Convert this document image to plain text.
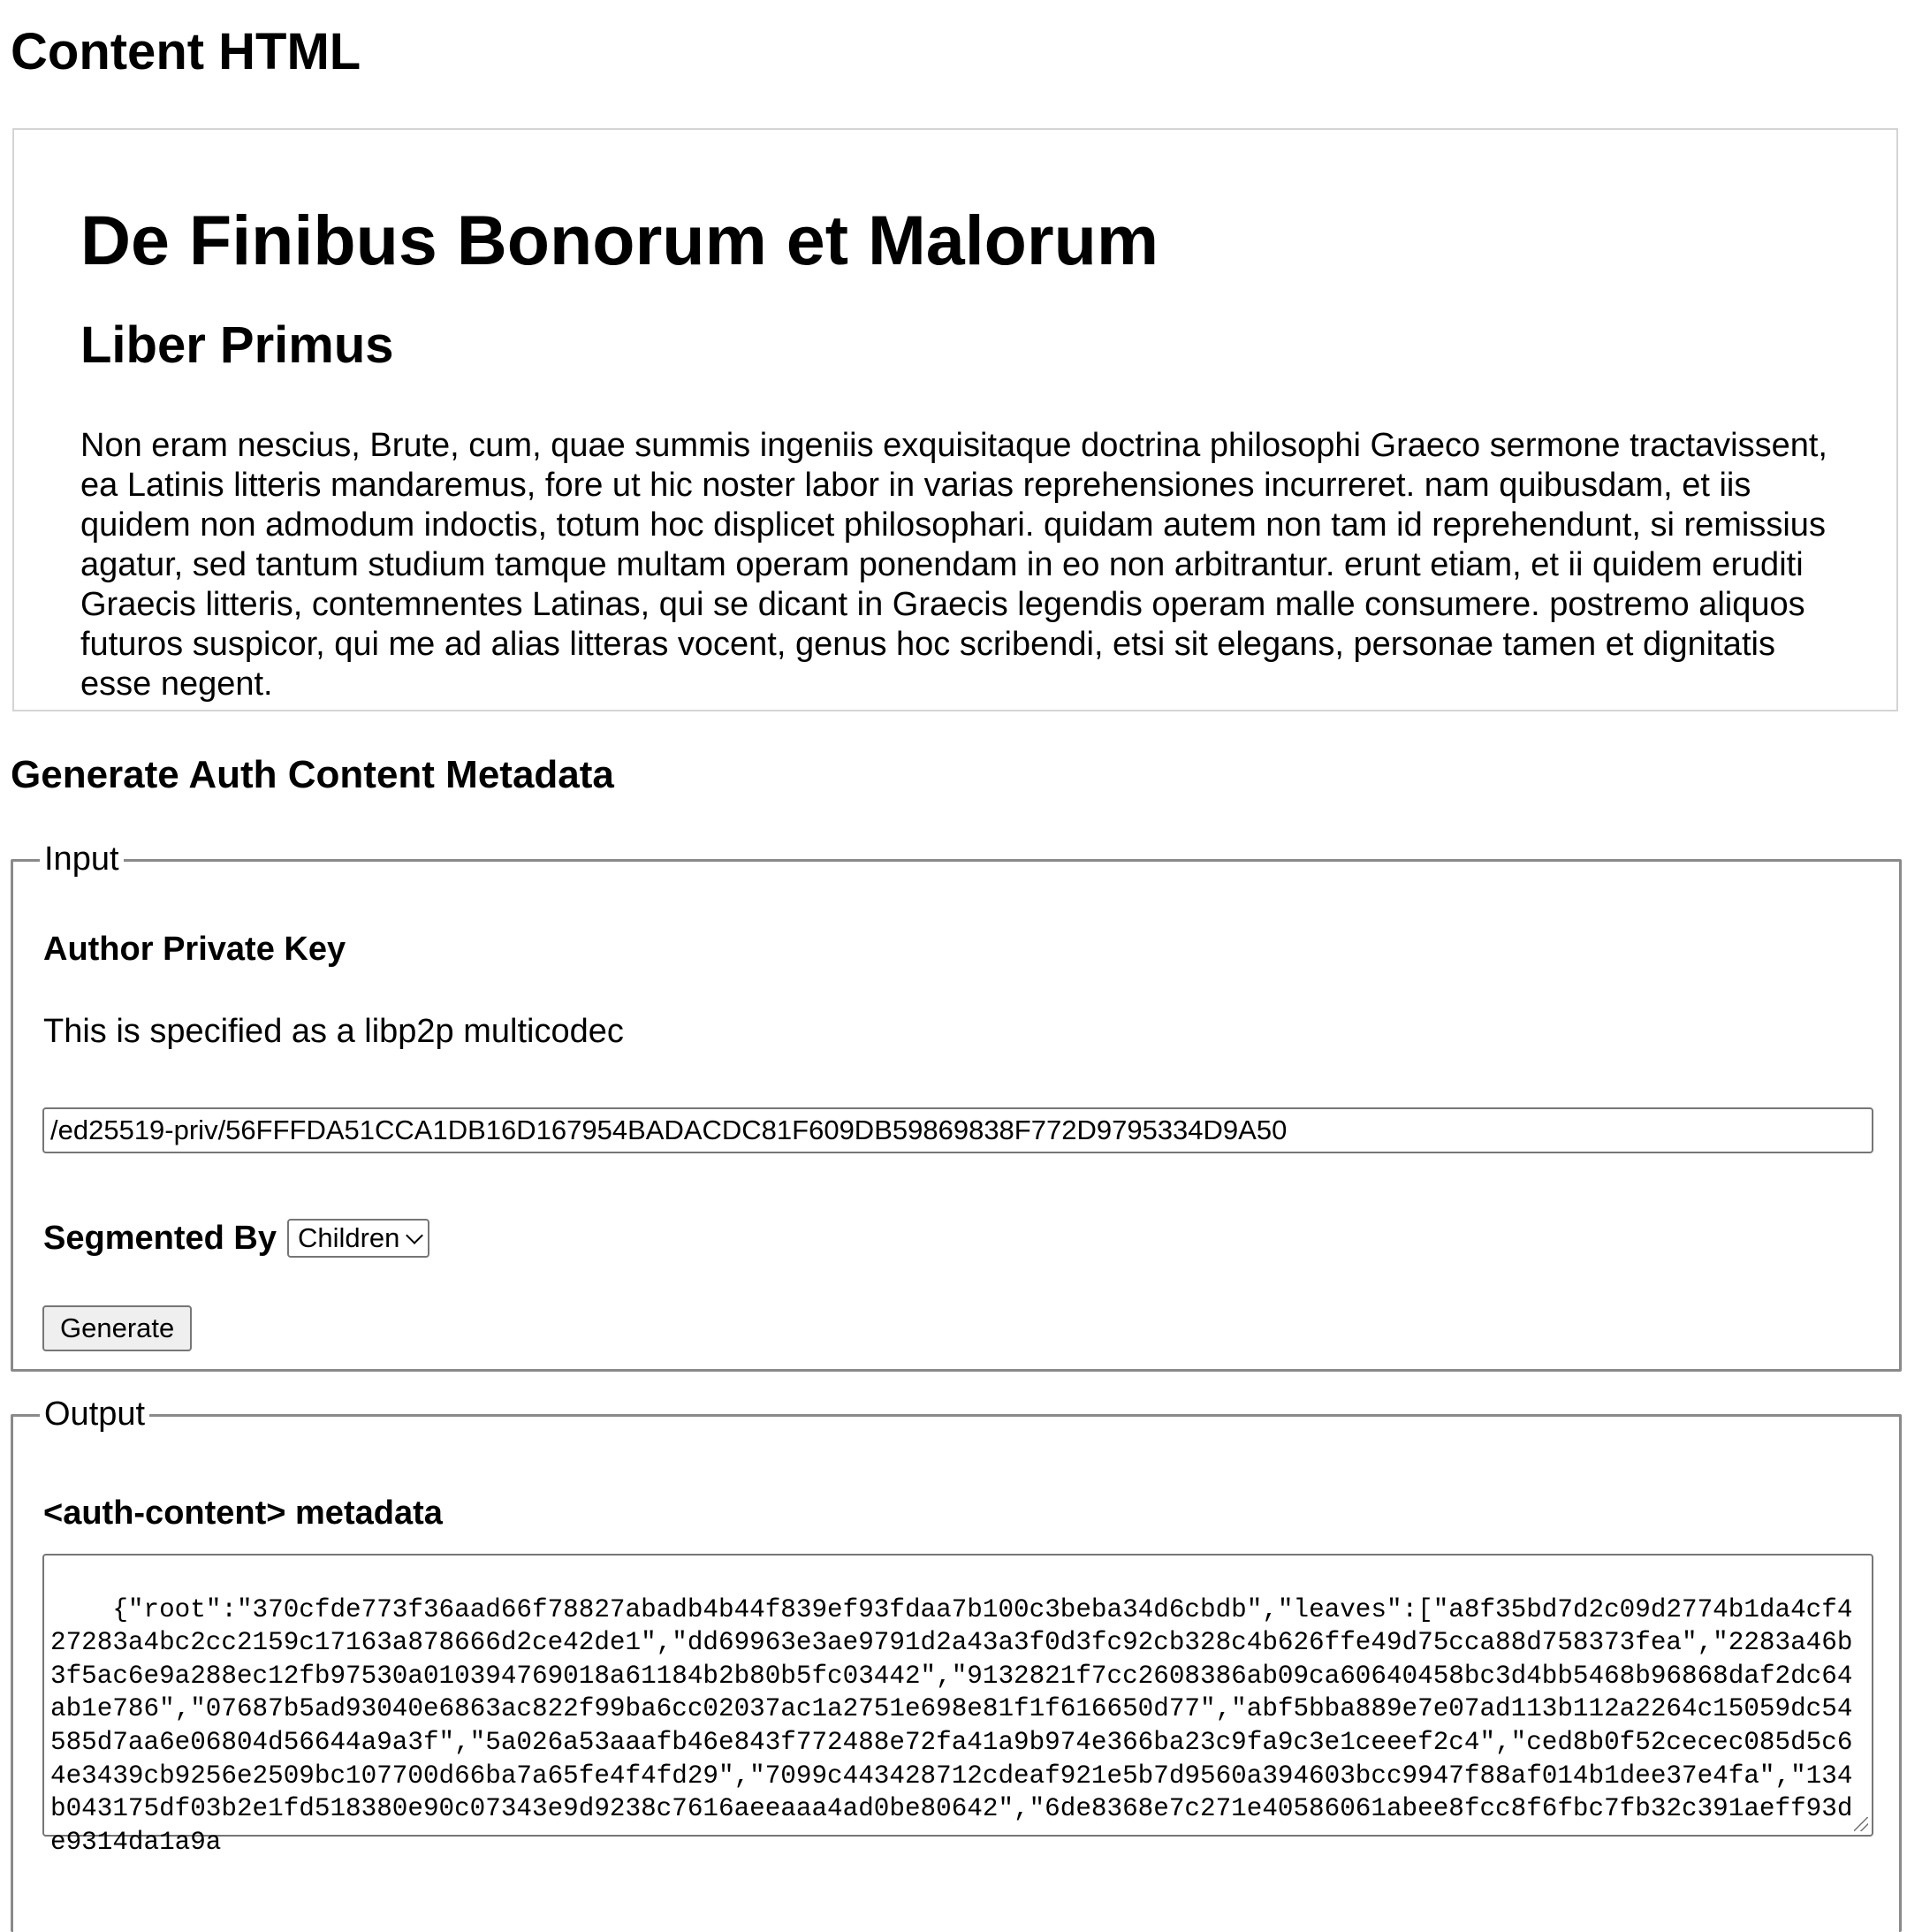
Content HTML
De Finibus Bonorum et Malorum
Liber Primus

Non eram nescius, Brute, cum, quae summis ingeniis exquisitaque doctrina philosophi Graeco sermone tractavissent, ea Latinis litteris mandaremus, fore ut hic noster labor in varias reprehensiones incurreret. nam quibusdam, et iis quidem non admodum indoctis, totum hoc displicet philosophari. quidam autem non tam id reprehendunt, si remissius agatur, sed tantum studium tamque multam operam ponendam in eo non arbitrantur. erunt etiam, et ii quidem eruditi Graecis litteris, contemnentes Latinas, qui se dicant in Graecis legendis operam malle consumere. postremo aliquos futuros suspicor, qui me ad alias litteras vocent, genus hoc scribendi, etsi sit elegans, personae tamen et dignitatis esse negent.

Generate Auth Content Metadata
Input
Author Private Key

This is specified as a libp2p multicodec

/ed25519-priv/56FFFDA51CCA1DB16D167954BADACDC81F609DB59869838F772D9795334D9A50
Segmented By Children
Generate
Output
<auth-content> metadata

{"root":"370cfde773f36aad66f78827abadb4b44f839ef93fdaa7b100c3beba34d6cbdb","leaves":["a8f35bd7d2c09d2774b1da4cf427283a4bc2cc2159c17163a878666d2ce42de1","dd69963e3ae9791d2a43a3f0d3fc92cb328c4b626ffe49d75cca88d758373fea","2283a46b3f5ac6e9a288ec12fb97530a010394769018a61184b2b80b5fc03442","9132821f7cc2608386ab09ca60640458bc3d4bb5468b96868daf2dc64ab1e786","07687b5ad93040e6863ac822f99ba6cc02037ac1a2751e698e81f1f616650d77","abf5bba889e7e07ad113b112a2264c15059dc54585d7aa6e06804d56644a9a3f","5a026a53aaafb46e843f772488e72fa41a9b974e366ba23c9fa9c3e1ceeef2c4","ced8b0f52cecec085d5c64e3439cb9256e2509bc107700d66ba7a65fe4f4fd29","7099c443428712cdeaf921e5b7d9560a394603bcc9947f88af014b1dee37e4fa","134b043175df03b2e1fd518380e90c07343e9d9238c7616aeeaaa4ad0be80642","6de8368e7c271e40586061abee8fcc8f6fbc7fb32c391aeff93de9314da1a9a
